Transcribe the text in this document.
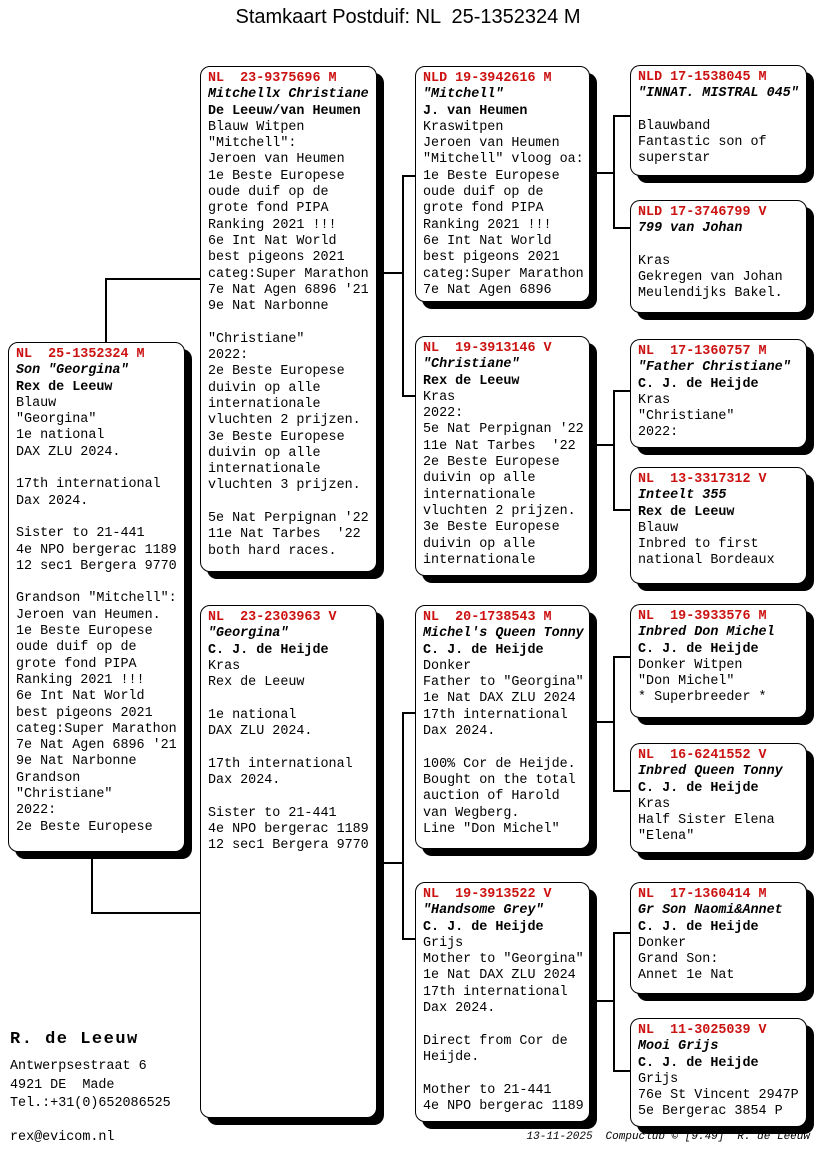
Stamkaart Postduif: NL  25-1352324 M
NL  25-1352324 M
Son "Georgina"
Rex de Leeuw
Blauw
"Georgina"
1e national
DAX ZLU 2024.
17th international
Dax 2024.
Sister to 21-441
4e NPO bergerac 1189
12 sec1 Bergera 9770
Grandson "Mitchell":
Jeroen van Heumen.
1e Beste Europese
oude duif op de
grote fond PIPA
Ranking 2021 !!!
6e Int Nat World
best pigeons 2021
categ:Super Marathon
7e Nat Agen 6896 '21
9e Nat Narbonne
Grandson
"Christiane"
2022:
2e Beste Europese
NL  23-9375696 M
Mitchellx Christiane
De Leeuw/van Heumen
Blauw Witpen
"Mitchell":
Jeroen van Heumen
1e Beste Europese
oude duif op de
grote fond PIPA
Ranking 2021 !!!
6e Int Nat World
best pigeons 2021
categ:Super Marathon
7e Nat Agen 6896 '21
9e Nat Narbonne
"Christiane"
2022:
2e Beste Europese
duivin op alle
internationale
vluchten 2 prijzen.
3e Beste Europese
duivin op alle
internationale
vluchten 3 prijzen.
5e Nat Perpignan '22
11e Nat Tarbes  '22
both hard races.
NL  23-2303963 V
"Georgina"
C. J. de Heijde
Kras
Rex de Leeuw
1e national
DAX ZLU 2024.
17th international
Dax 2024.
Sister to 21-441
4e NPO bergerac 1189
12 sec1 Bergera 9770
NLD 19-3942616 M
"Mitchell"
J. van Heumen
Kraswitpen
Jeroen van Heumen
"Mitchell" vloog oa:
1e Beste Europese
oude duif op de
grote fond PIPA
Ranking 2021 !!!
6e Int Nat World
best pigeons 2021
categ:Super Marathon
7e Nat Agen 6896
NL  19-3913146 V
"Christiane"
Rex de Leeuw
Kras
2022:
5e Nat Perpignan '22
11e Nat Tarbes  '22
2e Beste Europese
duivin op alle
internationale
vluchten 2 prijzen.
3e Beste Europese
duivin op alle
internationale
NL  20-1738543 M
Michel's Queen Tonny
C. J. de Heijde
Donker
Father to "Georgina"
1e Nat DAX ZLU 2024
17th international
Dax 2024.
100% Cor de Heijde.
Bought on the total
auction of Harold
van Wegberg.
Line "Don Michel"
NL  19-3913522 V
"Handsome Grey"
C. J. de Heijde
Grijs
Mother to "Georgina"
1e Nat DAX ZLU 2024
17th international
Dax 2024.
Direct from Cor de
Heijde.
Mother to 21-441
4e NPO bergerac 1189
NLD 17-1538045 M
"INNAT. MISTRAL 045"
Blauwband
Fantastic son of
superstar
NLD 17-3746799 V
799 van Johan
Kras
Gekregen van Johan
Meulendijks Bakel.
NL  17-1360757 M
"Father Christiane"
C. J. de Heijde
Kras
"Christiane"
2022:
NL  13-3317312 V
Inteelt 355
Rex de Leeuw
Blauw
Inbred to first
national Bordeaux
NL  19-3933576 M
Inbred Don Michel
C. J. de Heijde
Donker Witpen
"Don Michel"
* Superbreeder *
NL  16-6241552 V
Inbred Queen Tonny
C. J. de Heijde
Kras
Half Sister Elena
"Elena"
NL  17-1360414 M
Gr Son Naomi&Annet
C. J. de Heijde
Donker
Grand Son:
Annet 1e Nat
NL  11-3025039 V
Mooi Grijs
C. J. de Heijde
Grijs
76e St Vincent 2947P
5e Bergerac 3854 P
R. de Leeuw
Antwerpsestraat 6
4921 DE  Made
Tel.:+31(0)652086525
rex@evicom.nl	13-11-2025 Compuclub © [9.49] R. de Leeuw
